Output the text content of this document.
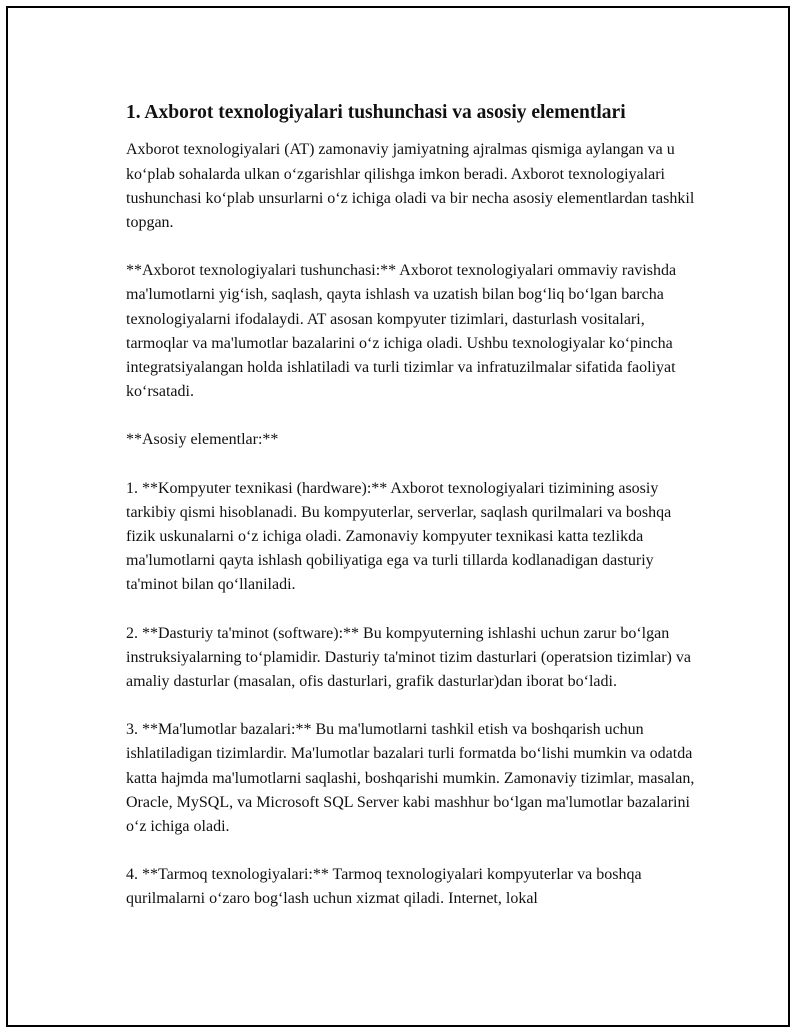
1. Axborot texnologiyalari tushunchasi va asosiy elementlari

Axborot texnologiyalari (AT) zamonaviy jamiyatning ajralmas qismiga aylangan va u ko‘plab sohalarda ulkan o‘zgarishlar qilishga imkon beradi. Axborot texnologiyalari tushunchasi ko‘plab unsurlarni o‘z ichiga oladi va bir necha asosiy elementlardan tashkil topgan.

**Axborot texnologiyalari tushunchasi:** Axborot texnologiyalari ommaviy ravishda ma'lumotlarni yig‘ish, saqlash, qayta ishlash va uzatish bilan bog‘liq bo‘lgan barcha texnologiyalarni ifodalaydi. AT asosan kompyuter tizimlari, dasturlash vositalari, tarmoqlar va ma'lumotlar bazalarini o‘z ichiga oladi. Ushbu texnologiyalar ko‘pincha integratsiyalangan holda ishlatiladi va turli tizimlar va infratuzilmalar sifatida faoliyat ko‘rsatadi.

**Asosiy elementlar:**

1. **Kompyuter texnikasi (hardware):** Axborot texnologiyalari tizimining asosiy tarkibiy qismi hisoblanadi. Bu kompyuterlar, serverlar, saqlash qurilmalari va boshqa fizik uskunalarni o‘z ichiga oladi. Zamonaviy kompyuter texnikasi katta tezlikda ma'lumotlarni qayta ishlash qobiliyatiga ega va turli tillarda kodlanadigan dasturiy ta'minot bilan qo‘llaniladi.

2. **Dasturiy ta'minot (software):** Bu kompyuterning ishlashi uchun zarur bo‘lgan instruksiyalarning to‘plamidir. Dasturiy ta'minot tizim dasturlari (operatsion tizimlar) va amaliy dasturlar (masalan, ofis dasturlari, grafik dasturlar)dan iborat bo‘ladi.

3. **Ma'lumotlar bazalari:** Bu ma'lumotlarni tashkil etish va boshqarish uchun ishlatiladigan tizimlardir. Ma'lumotlar bazalari turli formatda bo‘lishi mumkin va odatda katta hajmda ma'lumotlarni saqlashi, boshqarishi mumkin. Zamonaviy tizimlar, masalan, Oracle, MySQL, va Microsoft SQL Server kabi mashhur bo‘lgan ma'lumotlar bazalarini o‘z ichiga oladi.

4. **Tarmoq texnologiyalari:** Tarmoq texnologiyalari kompyuterlar va boshqa qurilmalarni o‘zaro bog‘lash uchun xizmat qiladi. Internet, lokal
